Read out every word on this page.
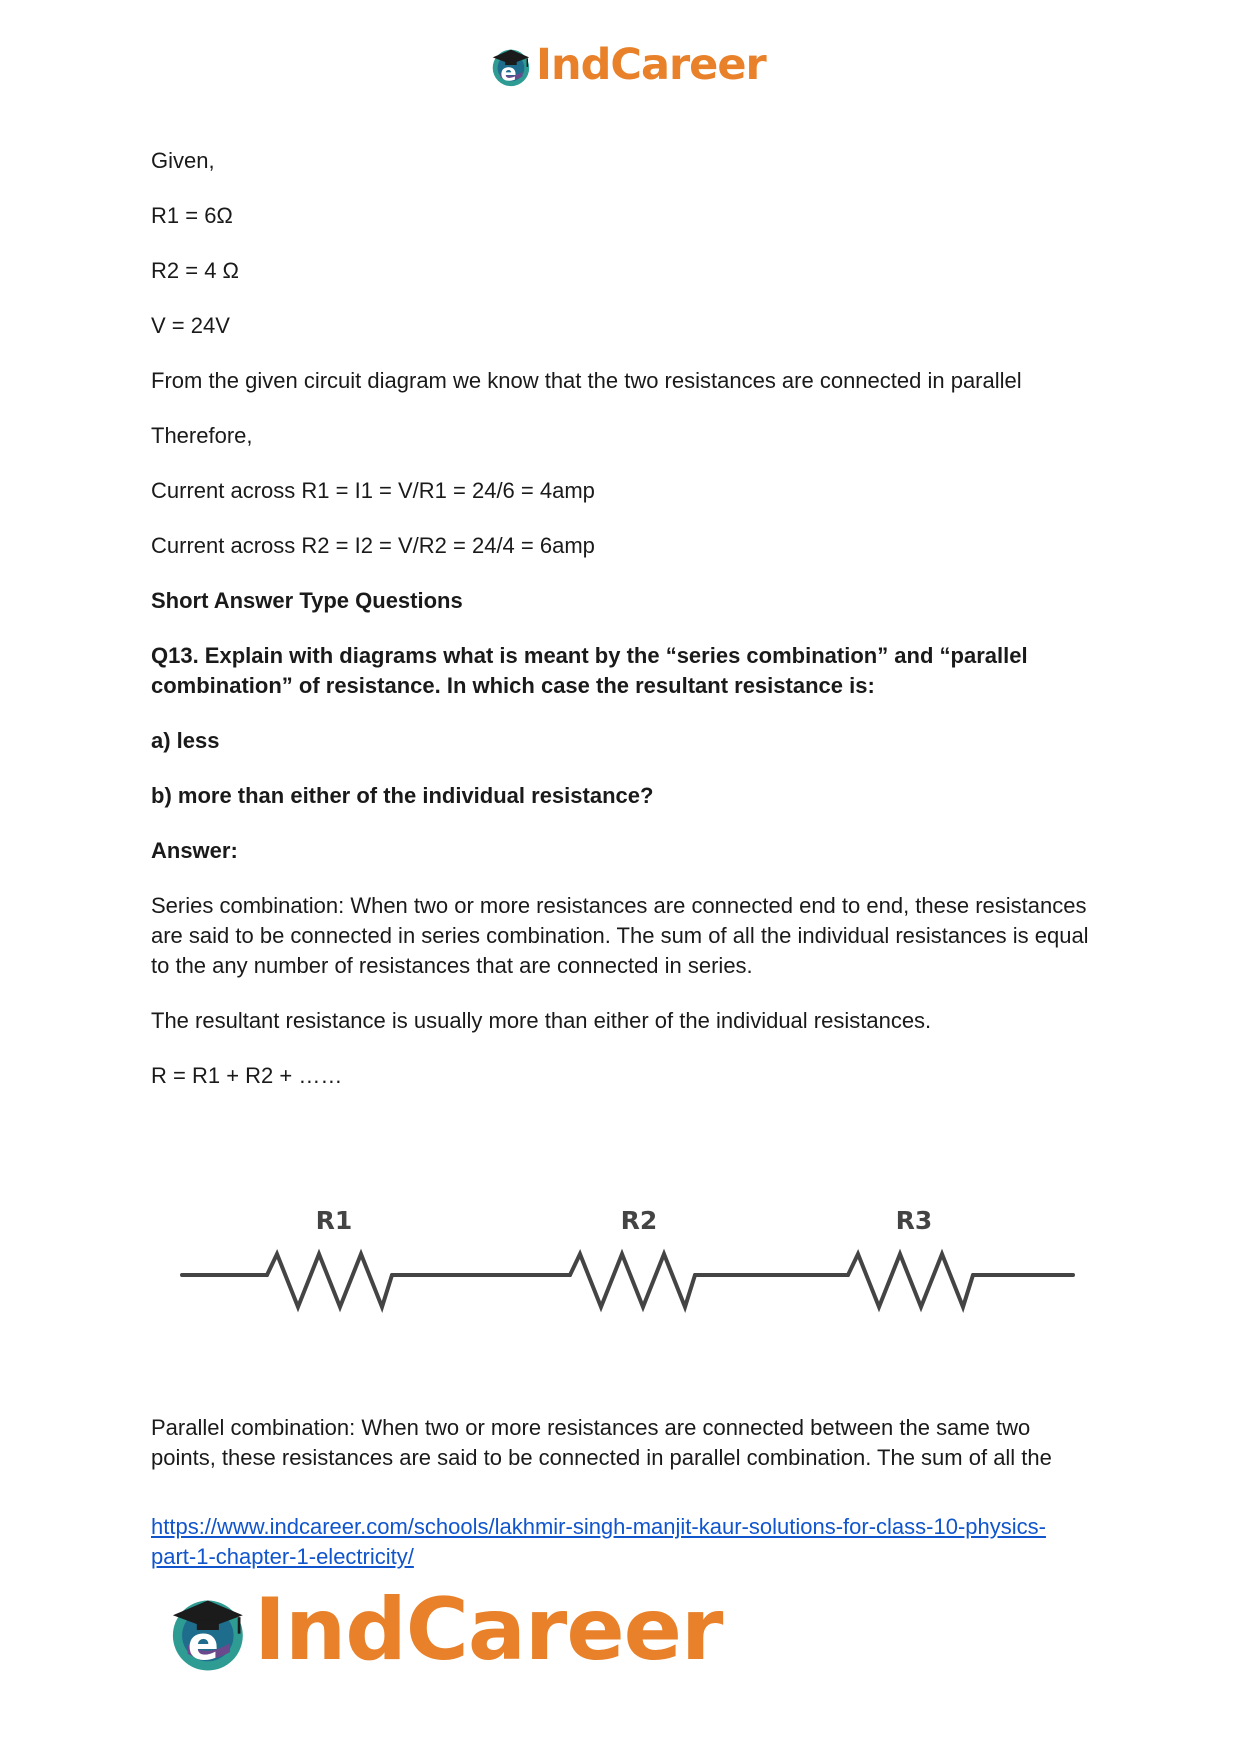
e IndCareer

Given,

R1 = 6Ω

R2 = 4 Ω

V = 24V

From the given circuit diagram we know that the two resistances are connected in parallel

Therefore,

Current across R1 = I1 = V/R1 = 24/6 = 4amp

Current across R2 = I2 = V/R2 = 24/4 = 6amp

Short Answer Type Questions

Q13. Explain with diagrams what is meant by the “series combination” and “parallel combination” of resistance. In which case the resultant resistance is:

a) less

b) more than either of the individual resistance?

Answer:

Series combination: When two or more resistances are connected end to end, these resistances are said to be connected in series combination. The sum of all the individual resistances is equal to the any number of resistances that are connected in series.

The resultant resistance is usually more than either of the individual resistances.

R = R1 + R2 + ……

R1	R2	R3

Parallel combination: When two or more resistances are connected between the same two points, these resistances are said to be connected in parallel combination. The sum of all the

https://www.indcareer.com/schools/lakhmir-singh-manjit-kaur-solutions-for-class-10-physics-part-1-chapter-1-electricity/
e IndCareer
